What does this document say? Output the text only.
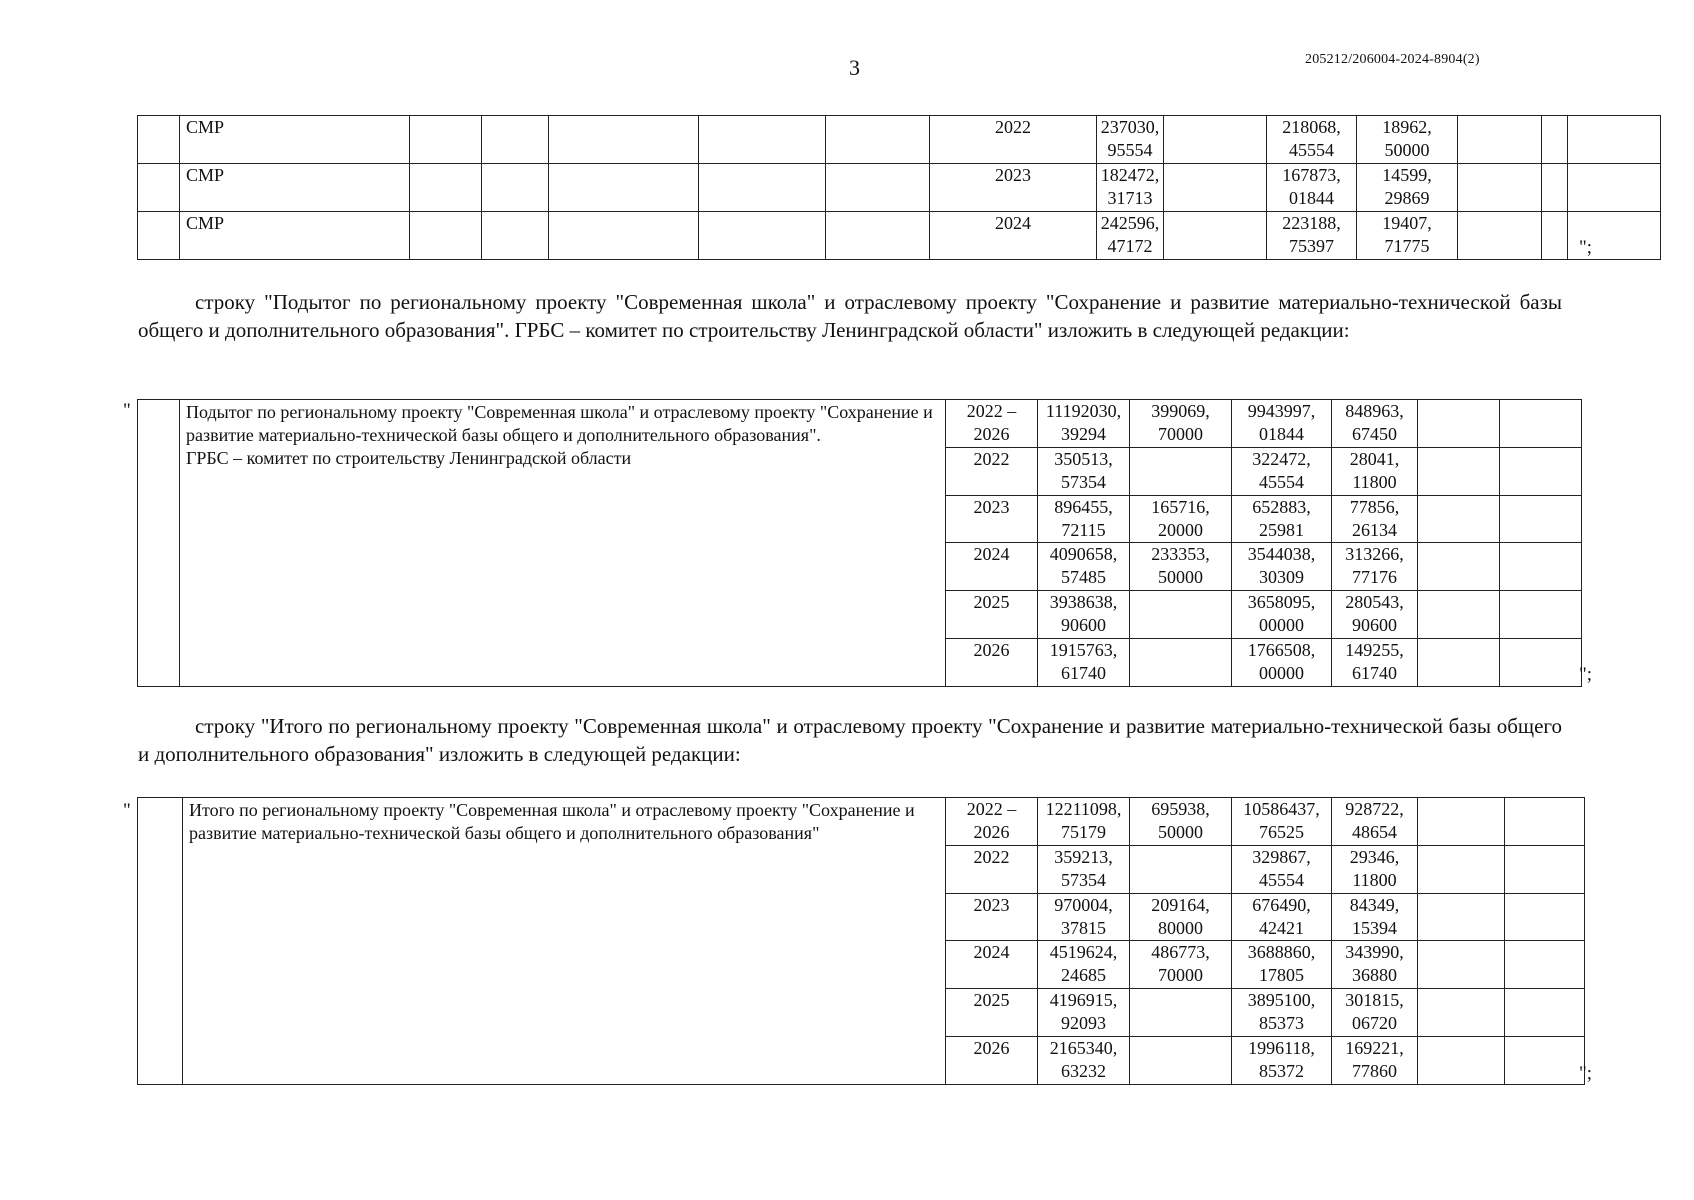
3	205212/206004-2024-8904(2)
	СМР						2022	237030,
95554		218068,
45554	18962,
50000			
	СМР						2023	182472,
31713		167873,
01844	14599,
29869			
	СМР						2024	242596,
47172		223188,
75397	19407,
71775				";

строку "Подытог по региональному проекту "Современная школа" и отраслевому проекту "Сохранение и развитие материально-технической базы общего и дополнительного образования". ГРБС – комитет по строительству Ленинградской области" изложить в следующей редакции:

"
		Подытог по региональному проекту "Современная школа" и отраслевому проекту "Сохранение и развитие материально-технической базы общего и дополнительного образования".
ГРБС – комитет по строительству Ленинградской области	2022 –
2026	11192030,
39294	399069,
70000	9943997,
01844	848963,
67450		
		2022	350513,
57354		322472,
45554	28041,
11800		
		2023	896455,
72115	165716,
20000	652883,
25981	77856,
26134		
		2024	4090658,
57485	233353,
50000	3544038,
30309	313266,
77176		
		2025	3938638,
90600		3658095,
00000	280543,
90600		
		2026	1915763,
61740		1766508,
00000	149255,
61740			";

строку "Итого по региональному проекту "Современная школа" и отраслевому проекту "Сохранение и развитие материально-технической базы общего и дополнительного образования" изложить в следующей редакции:

"
		Итого по региональному проекту "Современная школа" и отраслевому проекту "Сохранение и развитие материально-технической базы общего и дополнительного образования"	2022 –
2026	12211098,
75179	695938,
50000	10586437,
76525	928722,
48654		
		2022	359213,
57354		329867,
45554	29346,
11800		
		2023	970004,
37815	209164,
80000	676490,
42421	84349,
15394		
		2024	4519624,
24685	486773,
70000	3688860,
17805	343990,
36880		
		2025	4196915,
92093		3895100,
85373	301815,
06720		
		2026	2165340,
63232		1996118,
85372	169221,
77860			";
